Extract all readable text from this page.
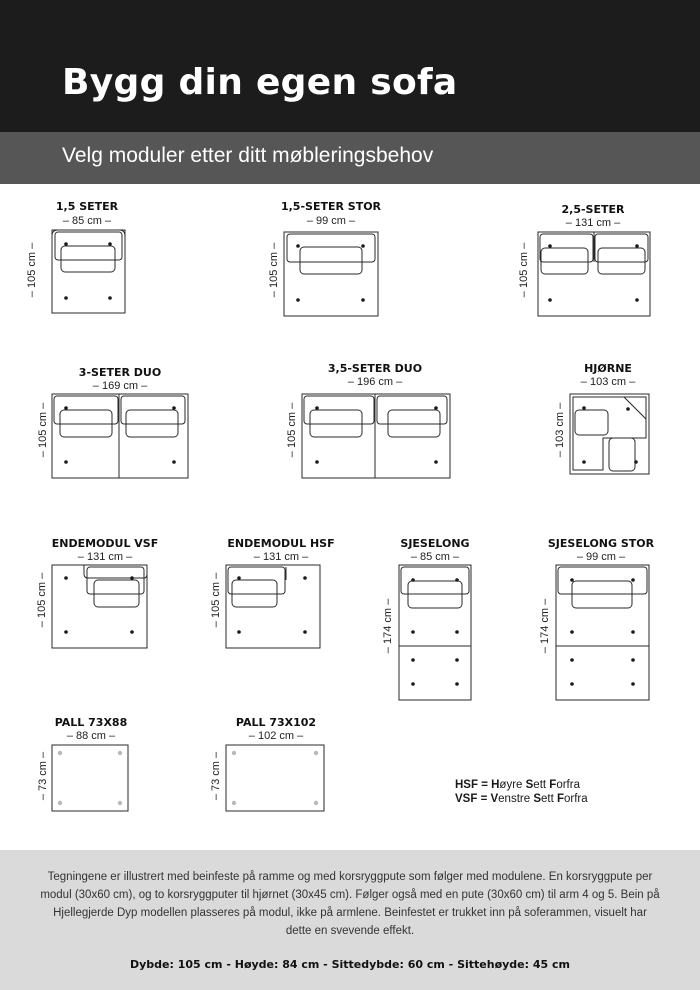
Bygg din egen sofa
Velg moduler etter ditt møbleringsbehov
1,5 SETER
– 85 cm –
– 105 cm –
1,5-SETER STOR
– 99 cm –
– 105 cm –
2,5-SETER
– 131 cm –
– 105 cm –
3-SETER DUO
– 169 cm –
– 105 cm –
3,5-SETER DUO
– 196 cm –
– 105 cm –
HJØRNE
– 103 cm –
– 103 cm –
ENDEMODUL VSF
– 131 cm –
– 105 cm –
ENDEMODUL HSF
– 131 cm –
– 105 cm –
SJESELONG
– 85 cm –
– 174 cm –
SJESELONG STOR
– 99 cm –
– 174 cm –
PALL 73X88
– 88 cm –
– 73 cm –
PALL 73X102
– 102 cm –
– 73 cm –	HSF = Høyre Sett Forfra
VSF = Venstre Sett Forfra

Tegningene er illustrert med beinfeste på ramme og med korsryggpute som følger med modulene. En korsryggpute per modul (30x60 cm), og to korsryggputer til hjørnet (30x45 cm). Følger også med en pute (30x60 cm) til arm 4 og 5. Bein på Hjellegjerde Dyp modellen plasseres på modul, ikke på armlene. Beinfestet er trukket inn på soferammen, visuelt har dette en svevende effekt.

Dybde: 105 cm - Høyde: 84 cm - Sittedybde: 60 cm - Sittehøyde: 45 cm
